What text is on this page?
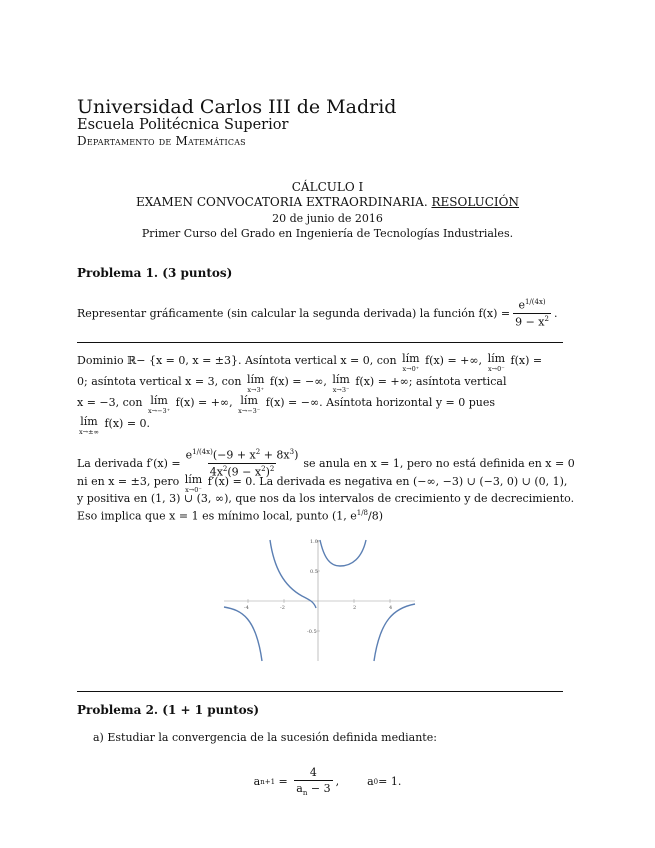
Universidad Carlos III de Madrid
Escuela Politécnica Superior
Departamento de Matemáticas
CÁLCULO I
EXAMEN CONVOCATORIA EXTRAORDINARIA. RESOLUCIÓN
20 de junio de 2016
Primer Curso del Grado en Ingeniería de Tecnologías Industriales.
Problema 1. (3 puntos)
Representar gráficamente (sin calcular la segunda derivada) la función
$f(x) = \frac{e^{1/(4x)}}{9 - x^2}$ .
Dominio ℝ− {x = 0, x = ±3}. Asíntota vertical x = 0, con lím
x→0⁺
f(x) = +∞, lím
x→0⁻
f(x) =
0; asíntota vertical x = 3, con lím
x→3⁺
f(x) = −∞, lím
x→3⁻
f(x) = +∞; asíntota vertical
x = −3, con lím
x→−3⁺
f(x) = +∞, lím
x→−3⁻
f(x) = −∞. Asíntota horizontal y = 0 pues
lím
x→±∞
f(x) = 0.
La derivada $f'(x) = \frac{e^{1/(4x)}(-9 + x^2 + 8x^3)}{4x^2(9 - x^2)^2}$ se anula en x = 1, pero no está definida en x = 0
ni en x = ±3, pero lím
x→0⁻
f′(x) = 0. La derivada es negativa en (−∞, −3) ∪ (−3, 0) ∪ (0, 1),
y positiva en (1, 3) ∪ (3, ∞), que nos da los intervalos de crecimiento y de decrecimiento.
Eso implica que x = 1 es mínimo local, punto (1, $e^{1/8}/8$)
-4	-2	2	4
1.0
0.5
-0.5
Problema 2. (1 + 1 puntos)
a) Estudiar la convergencia de la sucesión definida mediante:
a $n+1 = \frac{4}{a_n - 3}$ ,	a 0 = 1.
